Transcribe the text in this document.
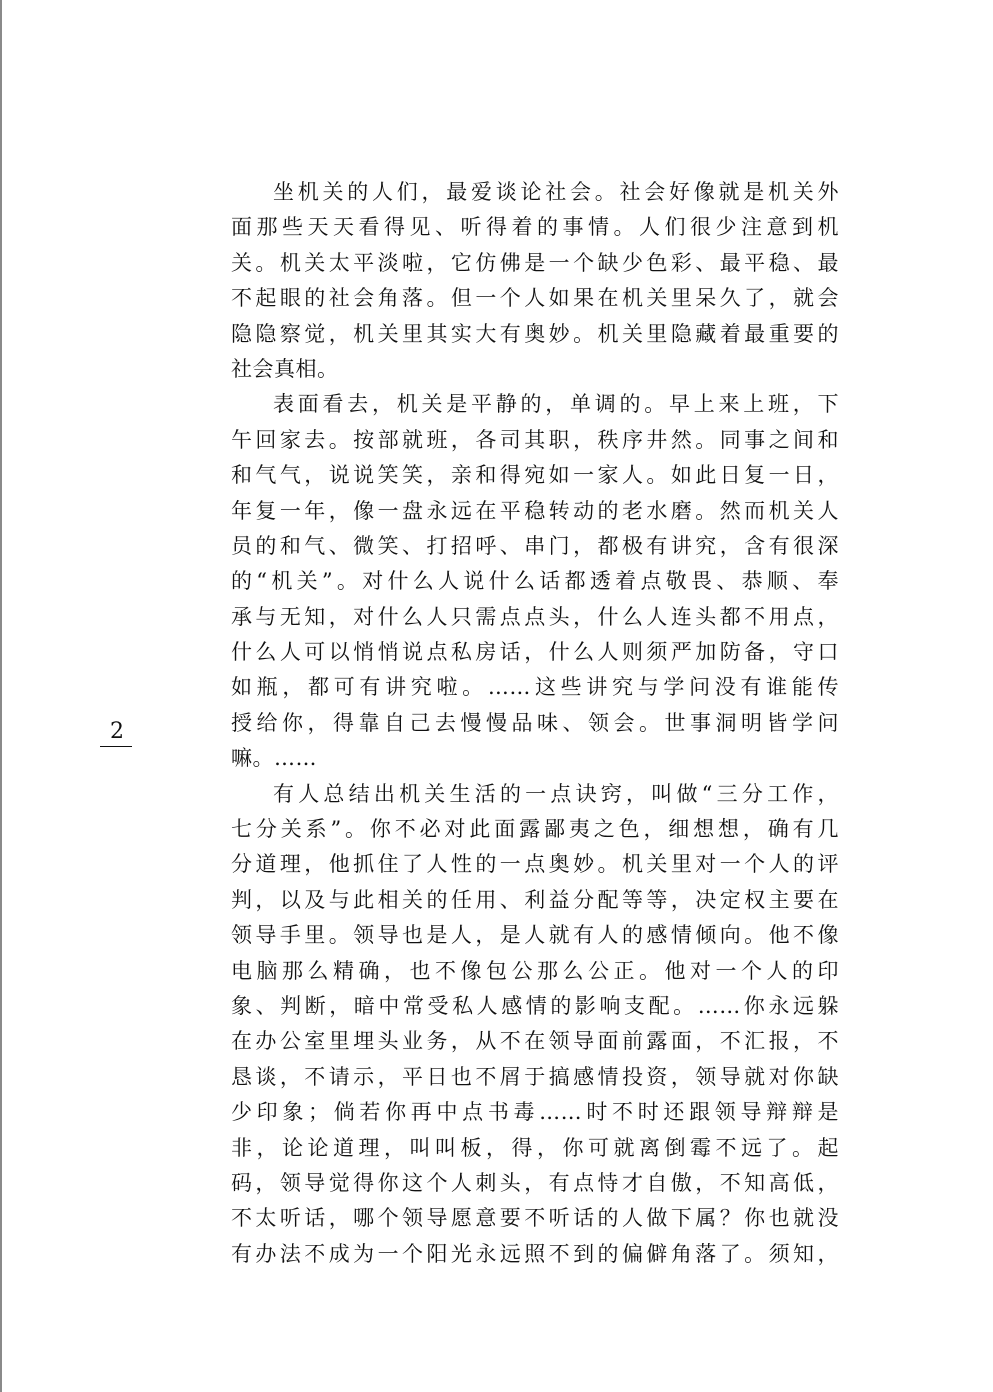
2
坐机关的人们，最爱谈论社会。社会好像就是机关外
面那些天天看得见、听得着的事情。人们很少注意到机
关。机关太平淡啦，它仿佛是一个缺少色彩、最平稳、最
不起眼的社会角落。但一个人如果在机关里呆久了，就会
隐隐察觉，机关里其实大有奥妙。机关里隐藏着最重要的
社会真相。
表面看去，机关是平静的，单调的。早上来上班，下
午回家去。按部就班，各司其职，秩序井然。同事之间和
和气气，说说笑笑，亲和得宛如一家人。如此日复一日，
年复一年，像一盘永远在平稳转动的老水磨。然而机关人
员的和气、微笑、打招呼、串门，都极有讲究，含有很深
的“机关”。对什么人说什么话都透着点敬畏、恭顺、奉
承与无知，对什么人只需点点头，什么人连头都不用点，
什么人可以悄悄说点私房话，什么人则须严加防备，守口
如瓶，都可有讲究啦。……这些讲究与学问没有谁能传
授给你，得靠自己去慢慢品味、领会。世事洞明皆学问
嘛。……
有人总结出机关生活的一点诀窍，叫做“三分工作，
七分关系”。你不必对此面露鄙夷之色，细想想，确有几
分道理，他抓住了人性的一点奥妙。机关里对一个人的评
判，以及与此相关的任用、利益分配等等，决定权主要在
领导手里。领导也是人，是人就有人的感情倾向。他不像
电脑那么精确，也不像包公那么公正。他对一个人的印
象、判断，暗中常受私人感情的影响支配。……你永远躲
在办公室里埋头业务，从不在领导面前露面，不汇报，不
恳谈，不请示，平日也不屑于搞感情投资，领导就对你缺
少印象；倘若你再中点书毒……时不时还跟领导辩辩是
非，论论道理，叫叫板，得，你可就离倒霉不远了。起
码，领导觉得你这个人刺头，有点恃才自傲，不知高低，
不太听话，哪个领导愿意要不听话的人做下属？你也就没
有办法不成为一个阳光永远照不到的偏僻角落了。须知，
